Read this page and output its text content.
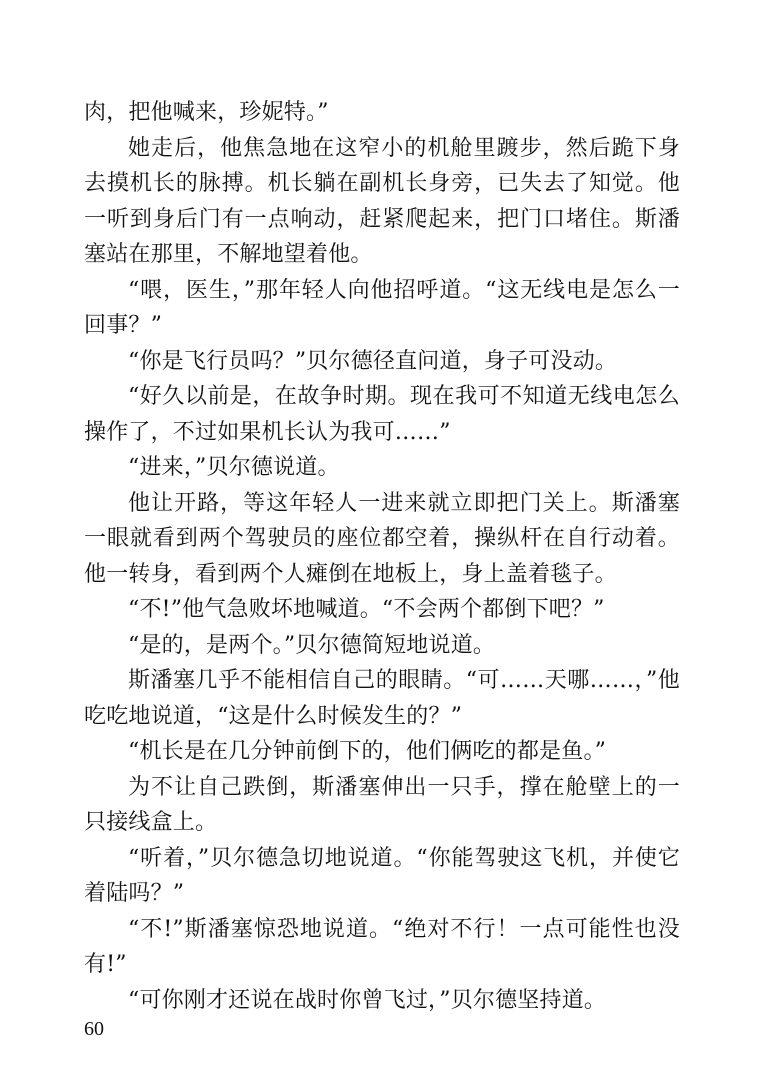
肉，把他喊来，珍妮特。”

她走后，他焦急地在这窄小的机舱里踱步，然后跪下身去摸机长的脉搏。机长躺在副机长身旁，已失去了知觉。他一听到身后门有一点响动，赶紧爬起来，把门口堵住。斯潘塞站在那里，不解地望着他。

“喂，医生，”那年轻人向他招呼道。“这无线电是怎么一回事？”

“你是飞行员吗？”贝尔德径直问道，身子可没动。

“好久以前是，在故争时期。现在我可不知道无线电怎么操作了，不过如果机长认为我可……”

“进来，”贝尔德说道。

他让开路，等这年轻人一进来就立即把门关上。斯潘塞一眼就看到两个驾驶员的座位都空着，操纵杆在自行动着。他一转身，看到两个人瘫倒在地板上，身上盖着毯子。

“不!”他气急败坏地喊道。“不会两个都倒下吧？”

“是的，是两个。”贝尔德简短地说道。

斯潘塞几乎不能相信自己的眼睛。“可……天哪……，”他吃吃地说道，“这是什么时候发生的？”

“机长是在几分钟前倒下的，他们俩吃的都是鱼。”

为不让自己跌倒，斯潘塞伸出一只手，撑在舱壁上的一只接线盒上。

“听着，”贝尔德急切地说道。“你能驾驶这飞机，并使它着陆吗？”

“不!”斯潘塞惊恐地说道。“绝对不行！一点可能性也没有!”

“可你刚才还说在战时你曾飞过，”贝尔德坚持道。

60
